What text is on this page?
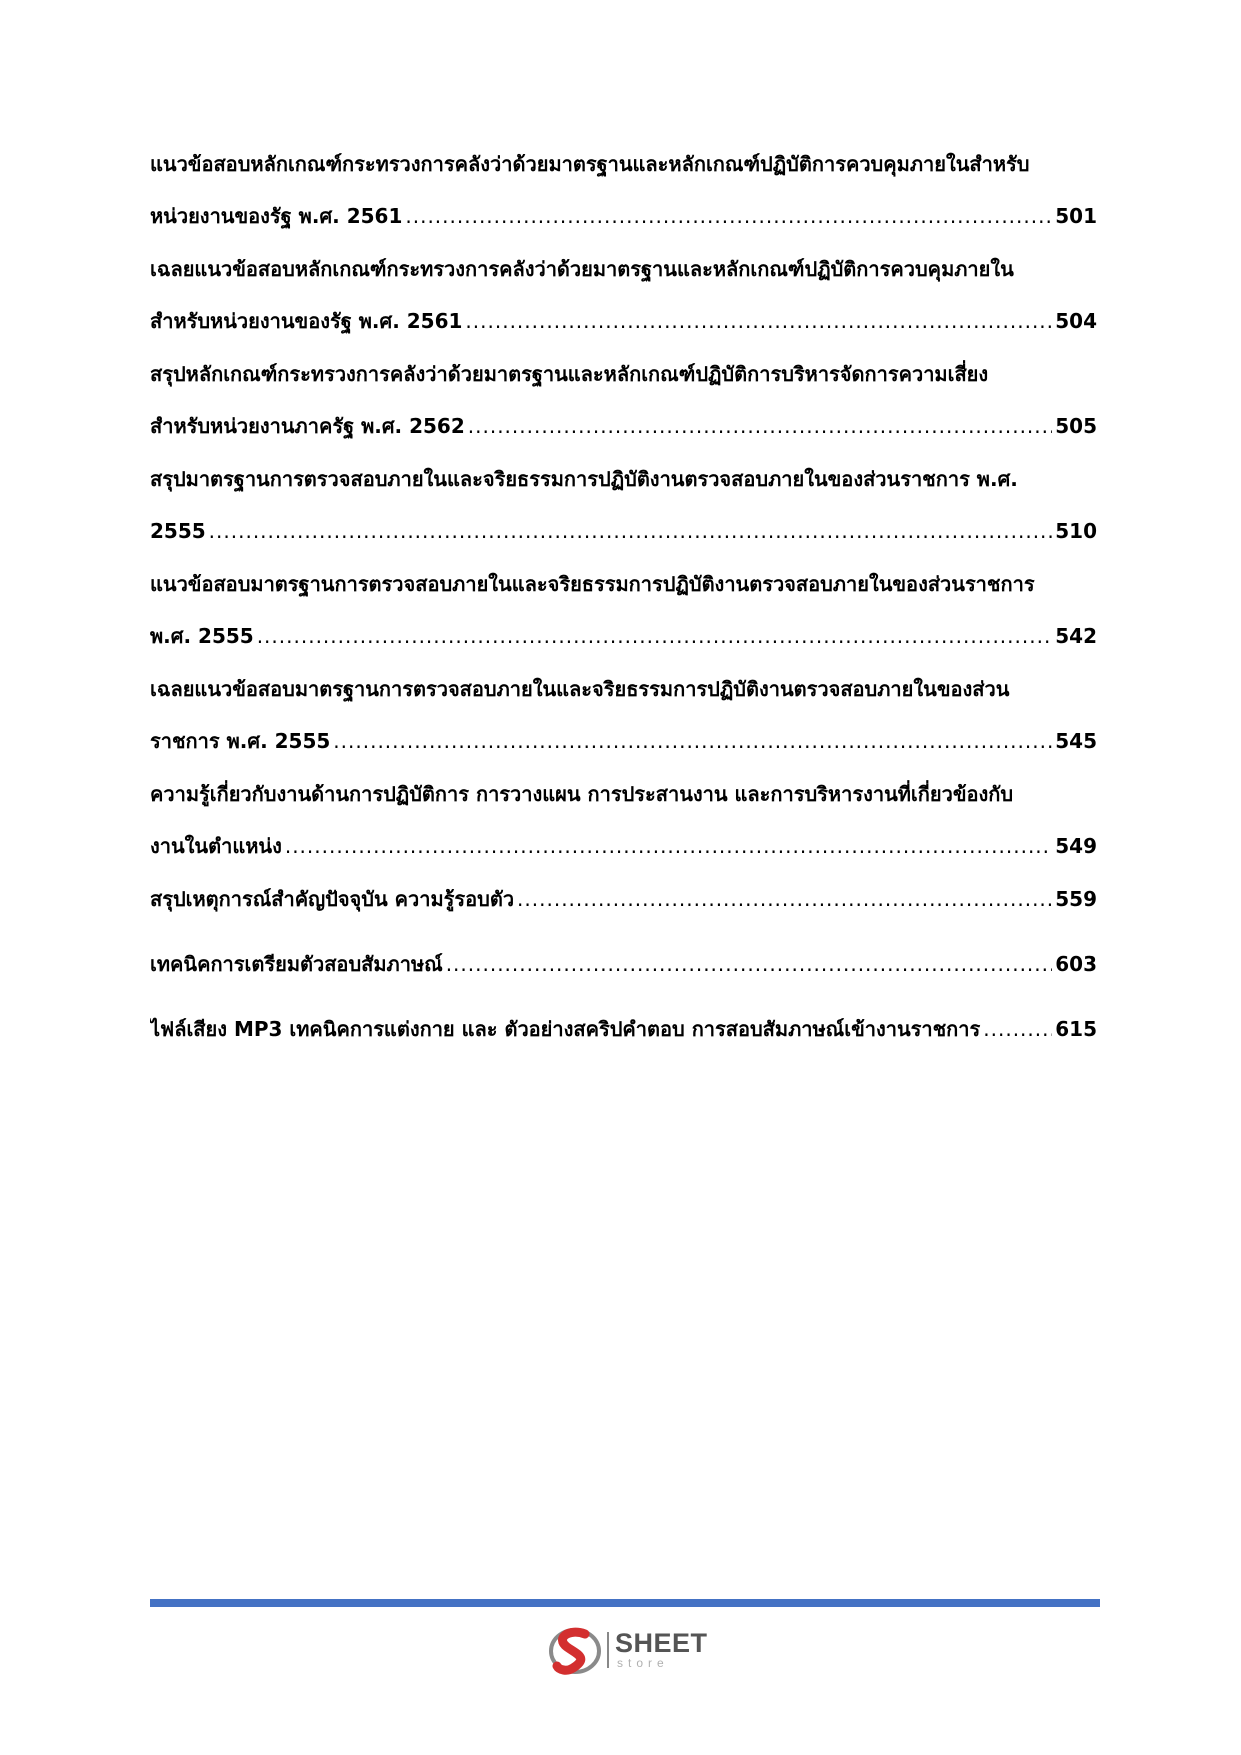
แนวข้อสอบหลักเกณฑ์กระทรวงการคลังว่าด้วยมาตรฐานและหลักเกณฑ์ปฏิบัติการควบคุมภายในสำหรับ
หน่วยงานของรัฐ พ.ศ. 2561 .....	501
เฉลยแนวข้อสอบหลักเกณฑ์กระทรวงการคลังว่าด้วยมาตรฐานและหลักเกณฑ์ปฏิบัติการควบคุมภายใน
สำหรับหน่วยงานของรัฐ พ.ศ. 2561 .....	504
สรุปหลักเกณฑ์กระทรวงการคลังว่าด้วยมาตรฐานและหลักเกณฑ์ปฏิบัติการบริหารจัดการความเสี่ยง
สำหรับหน่วยงานภาครัฐ พ.ศ. 2562 .....	505
สรุปมาตรฐานการตรวจสอบภายในและจริยธรรมการปฏิบัติงานตรวจสอบภายในของส่วนราชการ พ.ศ.
2555 .....	510
แนวข้อสอบมาตรฐานการตรวจสอบภายในและจริยธรรมการปฏิบัติงานตรวจสอบภายในของส่วนราชการ
พ.ศ. 2555 .....	542
เฉลยแนวข้อสอบมาตรฐานการตรวจสอบภายในและจริยธรรมการปฏิบัติงานตรวจสอบภายในของส่วน
ราชการ พ.ศ. 2555 .....	545
ความรู้เกี่ยวกับงานด้านการปฏิบัติการ การวางแผน การประสานงาน และการบริหารงานที่เกี่ยวข้องกับ
งานในตำแหน่ง .....	549
สรุปเหตุการณ์สำคัญปัจจุบัน ความรู้รอบตัว .....	559
เทคนิคการเตรียมตัวสอบสัมภาษณ์ .....	603
ไฟล์เสียง MP3 เทคนิคการแต่งกาย และ ตัวอย่างสคริปคำตอบ การสอบสัมภาษณ์เข้างานราชการ .....	615
SHEET
store
